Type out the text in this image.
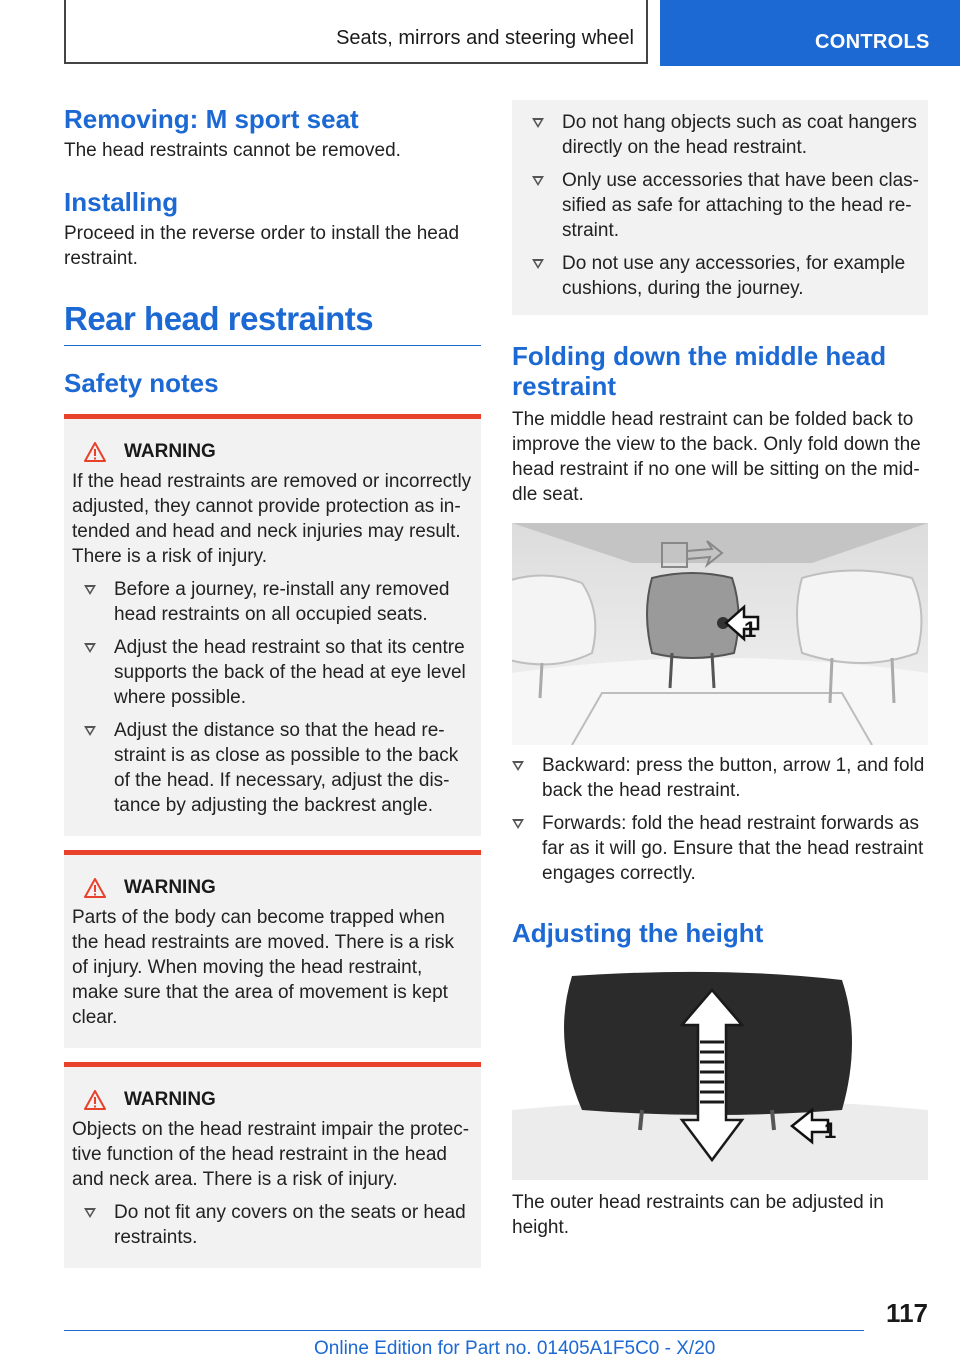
Seats, mirrors and steering wheel	CONTROLS
Removing: M sport seat

The head restraints cannot be removed.

Installing

Proceed in the reverse order to install the head restraint.

Rear head restraints
Safety notes
WARNING

If the head restraints are removed or incorrectly adjusted, they cannot provide protection as in-tended and head and neck injuries may result. There is a risk of injury.

Before a journey, re-install any removed head restraints on all occupied seats.
Adjust the head restraint so that its centre supports the back of the head at eye level where possible.
Adjust the distance so that the head re-straint is as close as possible to the back of the head. If necessary, adjust the dis-tance by adjusting the backrest angle.
WARNING

Parts of the body can become trapped when the head restraints are moved. There is a risk of injury. When moving the head restraint, make sure that the area of movement is kept clear.

WARNING

Objects on the head restraint impair the protec-tive function of the head restraint in the head and neck area. There is a risk of injury.

Do not fit any covers on the seats or head restraints.
Do not hang objects such as coat hangers directly on the head restraint.
Only use accessories that have been clas-sified as safe for attaching to the head re-straint.
Do not use any accessories, for example cushions, during the journey.
Folding down the middle head restraint

The middle head restraint can be folded back to improve the view to the back. Only fold down the head restraint if no one will be sitting on the mid-dle seat.

1
Backward: press the button, arrow 1, and fold back the head restraint.
Forwards: fold the head restraint forwards as far as it will go. Ensure that the head restraint engages correctly.
Adjusting the height
1

The outer head restraints can be adjusted in height.

117
Online Edition for Part no. 01405A1F5C0 - X/20
